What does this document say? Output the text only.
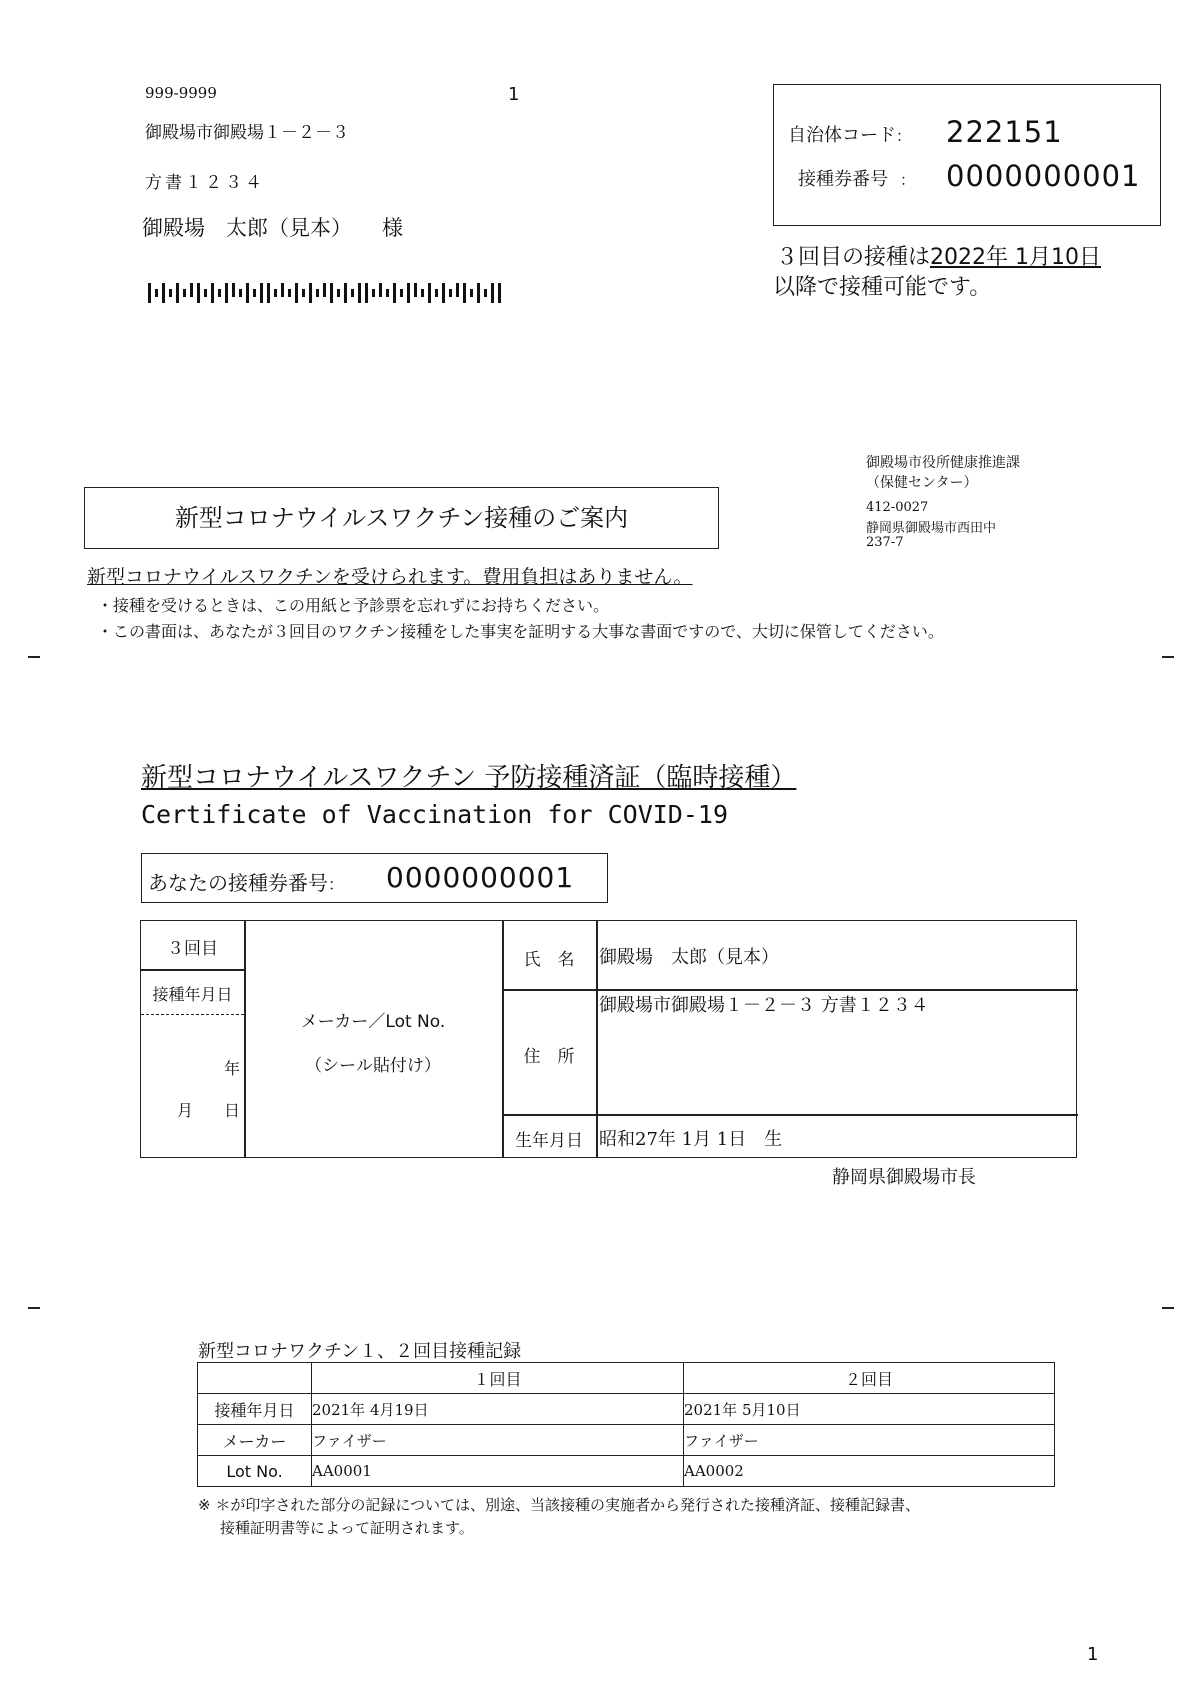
999-9999	1
御殿場市御殿場１－２－３
方書１２３４
御殿場　太郎（見本） 様
自治体コード： 222151
接種券番号 ： 0000000001
３回目の接種は2022年 1月10日
以降で接種可能です。
御殿場市役所健康推進課
（保健センター）
412-0027
静岡県御殿場市西田中
237-7
新型コロナウイルスワクチン接種のご案内
新型コロナウイルスワクチンを受けられます。費用負担はありません。
・接種を受けるときは、この用紙と予診票を忘れずにお持ちください。
・この書面は、あなたが３回目のワクチン接種をした事実を証明する大事な書面ですので、大切に保管してください。
新型コロナウイルスワクチン 予防接種済証（臨時接種）
Certificate of Vaccination for COVID-19
あなたの接種券番号： 0000000001
３回目
接種年月日
年
月 日
メーカー／Lot No.
（シール貼付け）
氏　名	御殿場　太郎（見本）
住　所
御殿場市御殿場１－２－３ 方書１２３４
生年月日 昭和27年 1月 1日　生
静岡県御殿場市長
新型コロナワクチン１、２回目接種記録
	１回目	２回目
接種年月日	2021年 4月19日	2021年 5月10日
メーカー	ファイザー	ファイザー
Lot No.	AA0001	AA0002
※ ＊が印字された部分の記録については、別途、当該接種の実施者から発行された接種済証、接種記録書、
接種証明書等によって証明されます。
1
